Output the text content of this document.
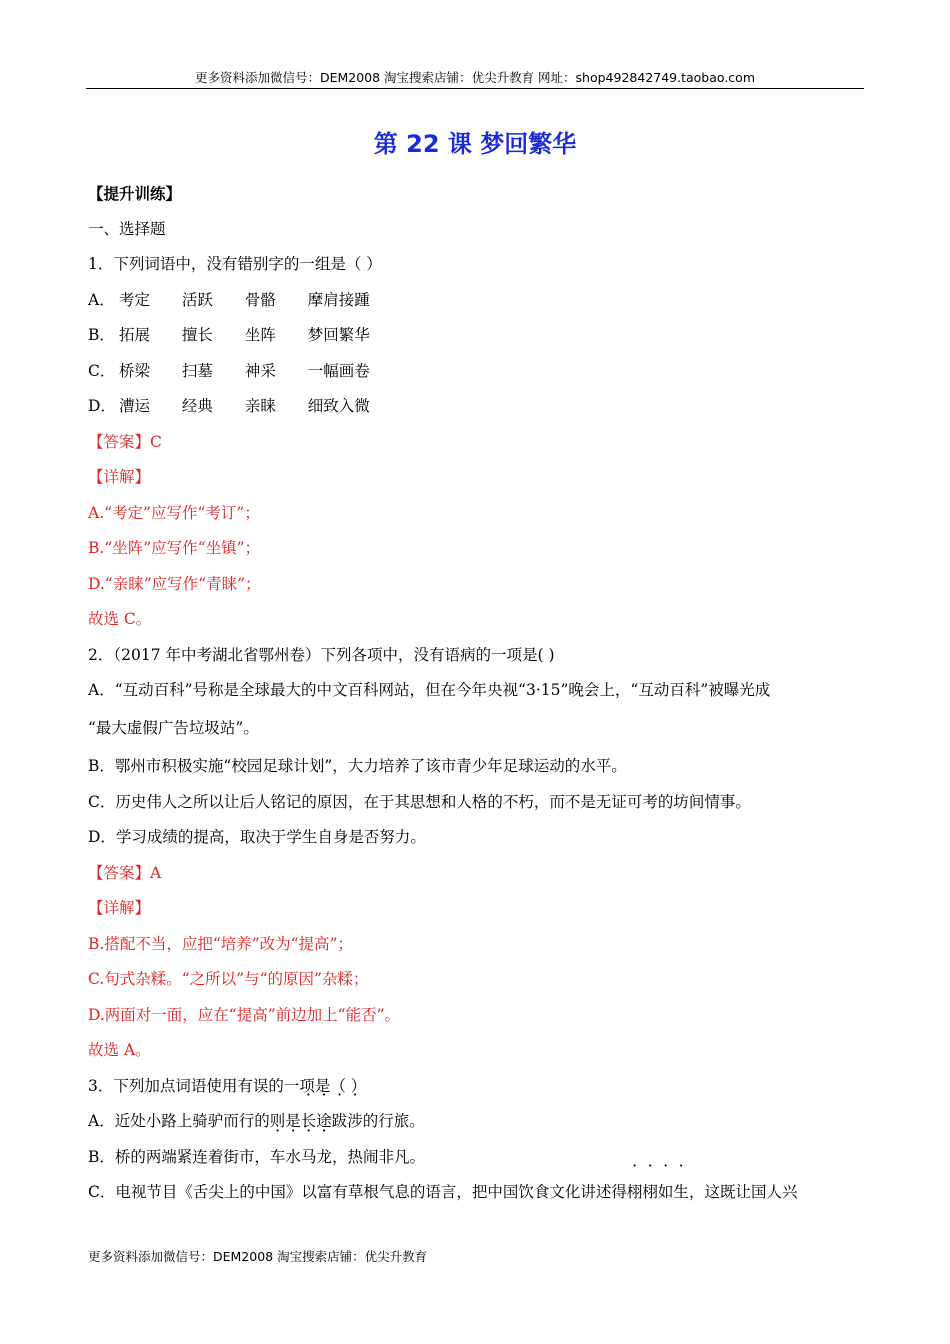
更多资料添加微信号：DEM2008 淘宝搜索店铺：优尖升教育 网址：shop492842749.taobao.com
第 22 课 梦回繁华
【提升训练】
一、选择题
1．下列词语中，没有错别字的一组是（ ）
A． 考定 活跃 骨骼 摩肩接踵
B． 拓展 擅长 坐阵 梦回繁华
C． 桥梁 扫墓 神采 一幅画卷
D． 漕运 经典 亲睐 细致入微
【答案】C
【详解】
A.“考定”应写作“考订”；
B.“坐阵”应写作“坐镇”；
D.“亲睐”应写作“青睐”；
故选 C。
2．（2017 年中考湖北省鄂州卷）下列各项中，没有语病的一项是( )
A．“互动百科”号称是全球最大的中文百科网站，但在今年央视“3·15”晚会上，“互动百科”被曝光成
“最大虚假广告垃圾站”。
B．鄂州市积极实施“校园足球计划”，大力培养了该市青少年足球运动的水平。
C．历史伟人之所以让后人铭记的原因，在于其思想和人格的不朽，而不是无证可考的坊间情事。
D．学习成绩的提高，取决于学生自身是否努力。
【答案】A
【详解】
B.搭配不当，应把“培养”改为“提高”；
C.句式杂糅。“之所以”与“的原因”杂糅；
D.两面对一面，应在“提高”前边加上“能否”。
故选 A。
3．下列加点词语使用有误的一项是（ ）
A．近处小路上骑驴而行的则是长途跋涉的行旅。
B．桥的两端紧连着街市，车水马龙，热闹非凡。
C．电视节目《舌尖上的中国》以富有草根气息的语言，把中国饮食文化讲述得栩栩如生，这既让国人兴
更多资料添加微信号：DEM2008 淘宝搜索店铺：优尖升教育
